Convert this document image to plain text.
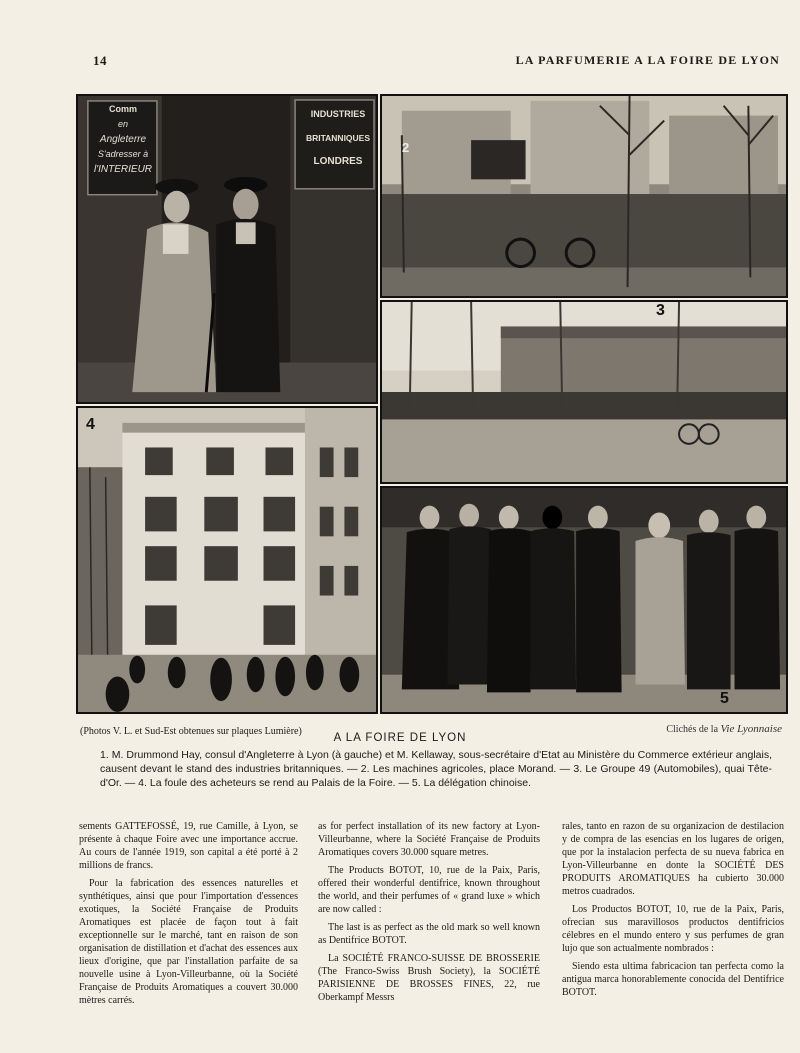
14	LA PARFUMERIE A LA FOIRE DE LYON
Comm
en
Angleterre
S'adresser à
l'INTERIEUR
INDUSTRIES
BRITANNIQUES
LONDRES
2
3
4
5
(Photos V. L. et Sud-Est obtenues sur plaques Lumière)	Clichés de la Vie Lyonnaise
A LA FOIRE DE LYON
1. M. Drummond Hay, consul d'Angleterre à Lyon (à gauche) et M. Kellaway, sous-secrétaire d'Etat au Ministère du Commerce extérieur anglais, causent devant le stand des industries britanniques. — 2. Les machines agricoles, place Morand. — 3. Le Groupe 49 (Automobiles), quai Tête-d'Or. — 4. La foule des acheteurs se rend au Palais de la Foire. — 5. La délégation chinoise.

sements GATTEFOSSÉ, 19, rue Camille, à Lyon, se présente à chaque Foire avec une importance accrue. Au cours de l'année 1919, son capital a été porté à 2 millions de francs.

Pour la fabrication des essences naturelles et synthétiques, ainsi que pour l'importation d'essences exotiques, la Société Française de Produits Aromatiques est placée de façon tout à fait exceptionnelle sur le marché, tant en raison de son organisation de distillation et d'achat des essences aux lieux d'origine, que par l'installation parfaite de sa nouvelle usine à Lyon-Villeurbanne, où la Société Française de Produits Aromatiques a couvert 30.000 mètres carrés.

as for perfect installation of its new factory at Lyon-Villeurbanne, where la Société Française de Produits Aromatiques covers 30.000 square metres.

The Products BOTOT, 10, rue de la Paix, Paris, offered their wonderful dentifrice, known throughout the world, and their perfumes of « grand luxe » which are now called :

The last is as perfect as the old mark so well known as Dentifrice BOTOT.

La SOCIÉTÉ FRANCO-SUISSE DE BROSSERIE (The Franco-Swiss Brush Society), la SOCIÉTÉ PARISIENNE DE BROSSES FINES, 22, rue Oberkampf Messrs

rales, tanto en razon de su organizacion de destilacion y de compra de las esencias en los lugares de origen, que por la instalacion perfecta de su nueva fabrica en Lyon-Villeurbanne en donte la SOCIÉTÉ DES PRODUITS AROMATIQUES ha cubierto 30.000 metros cuadrados.

Los Productos BOTOT, 10, rue de la Paix, Paris, ofrecian sus maravillosos productos dentifricios célebres en el mundo entero y sus perfumes de gran lujo que son actualmente nombrados :

Siendo esta ultima fabricacion tan perfecta como la antigua marca honorablemente conocida del Dentifrice BOTOT.
